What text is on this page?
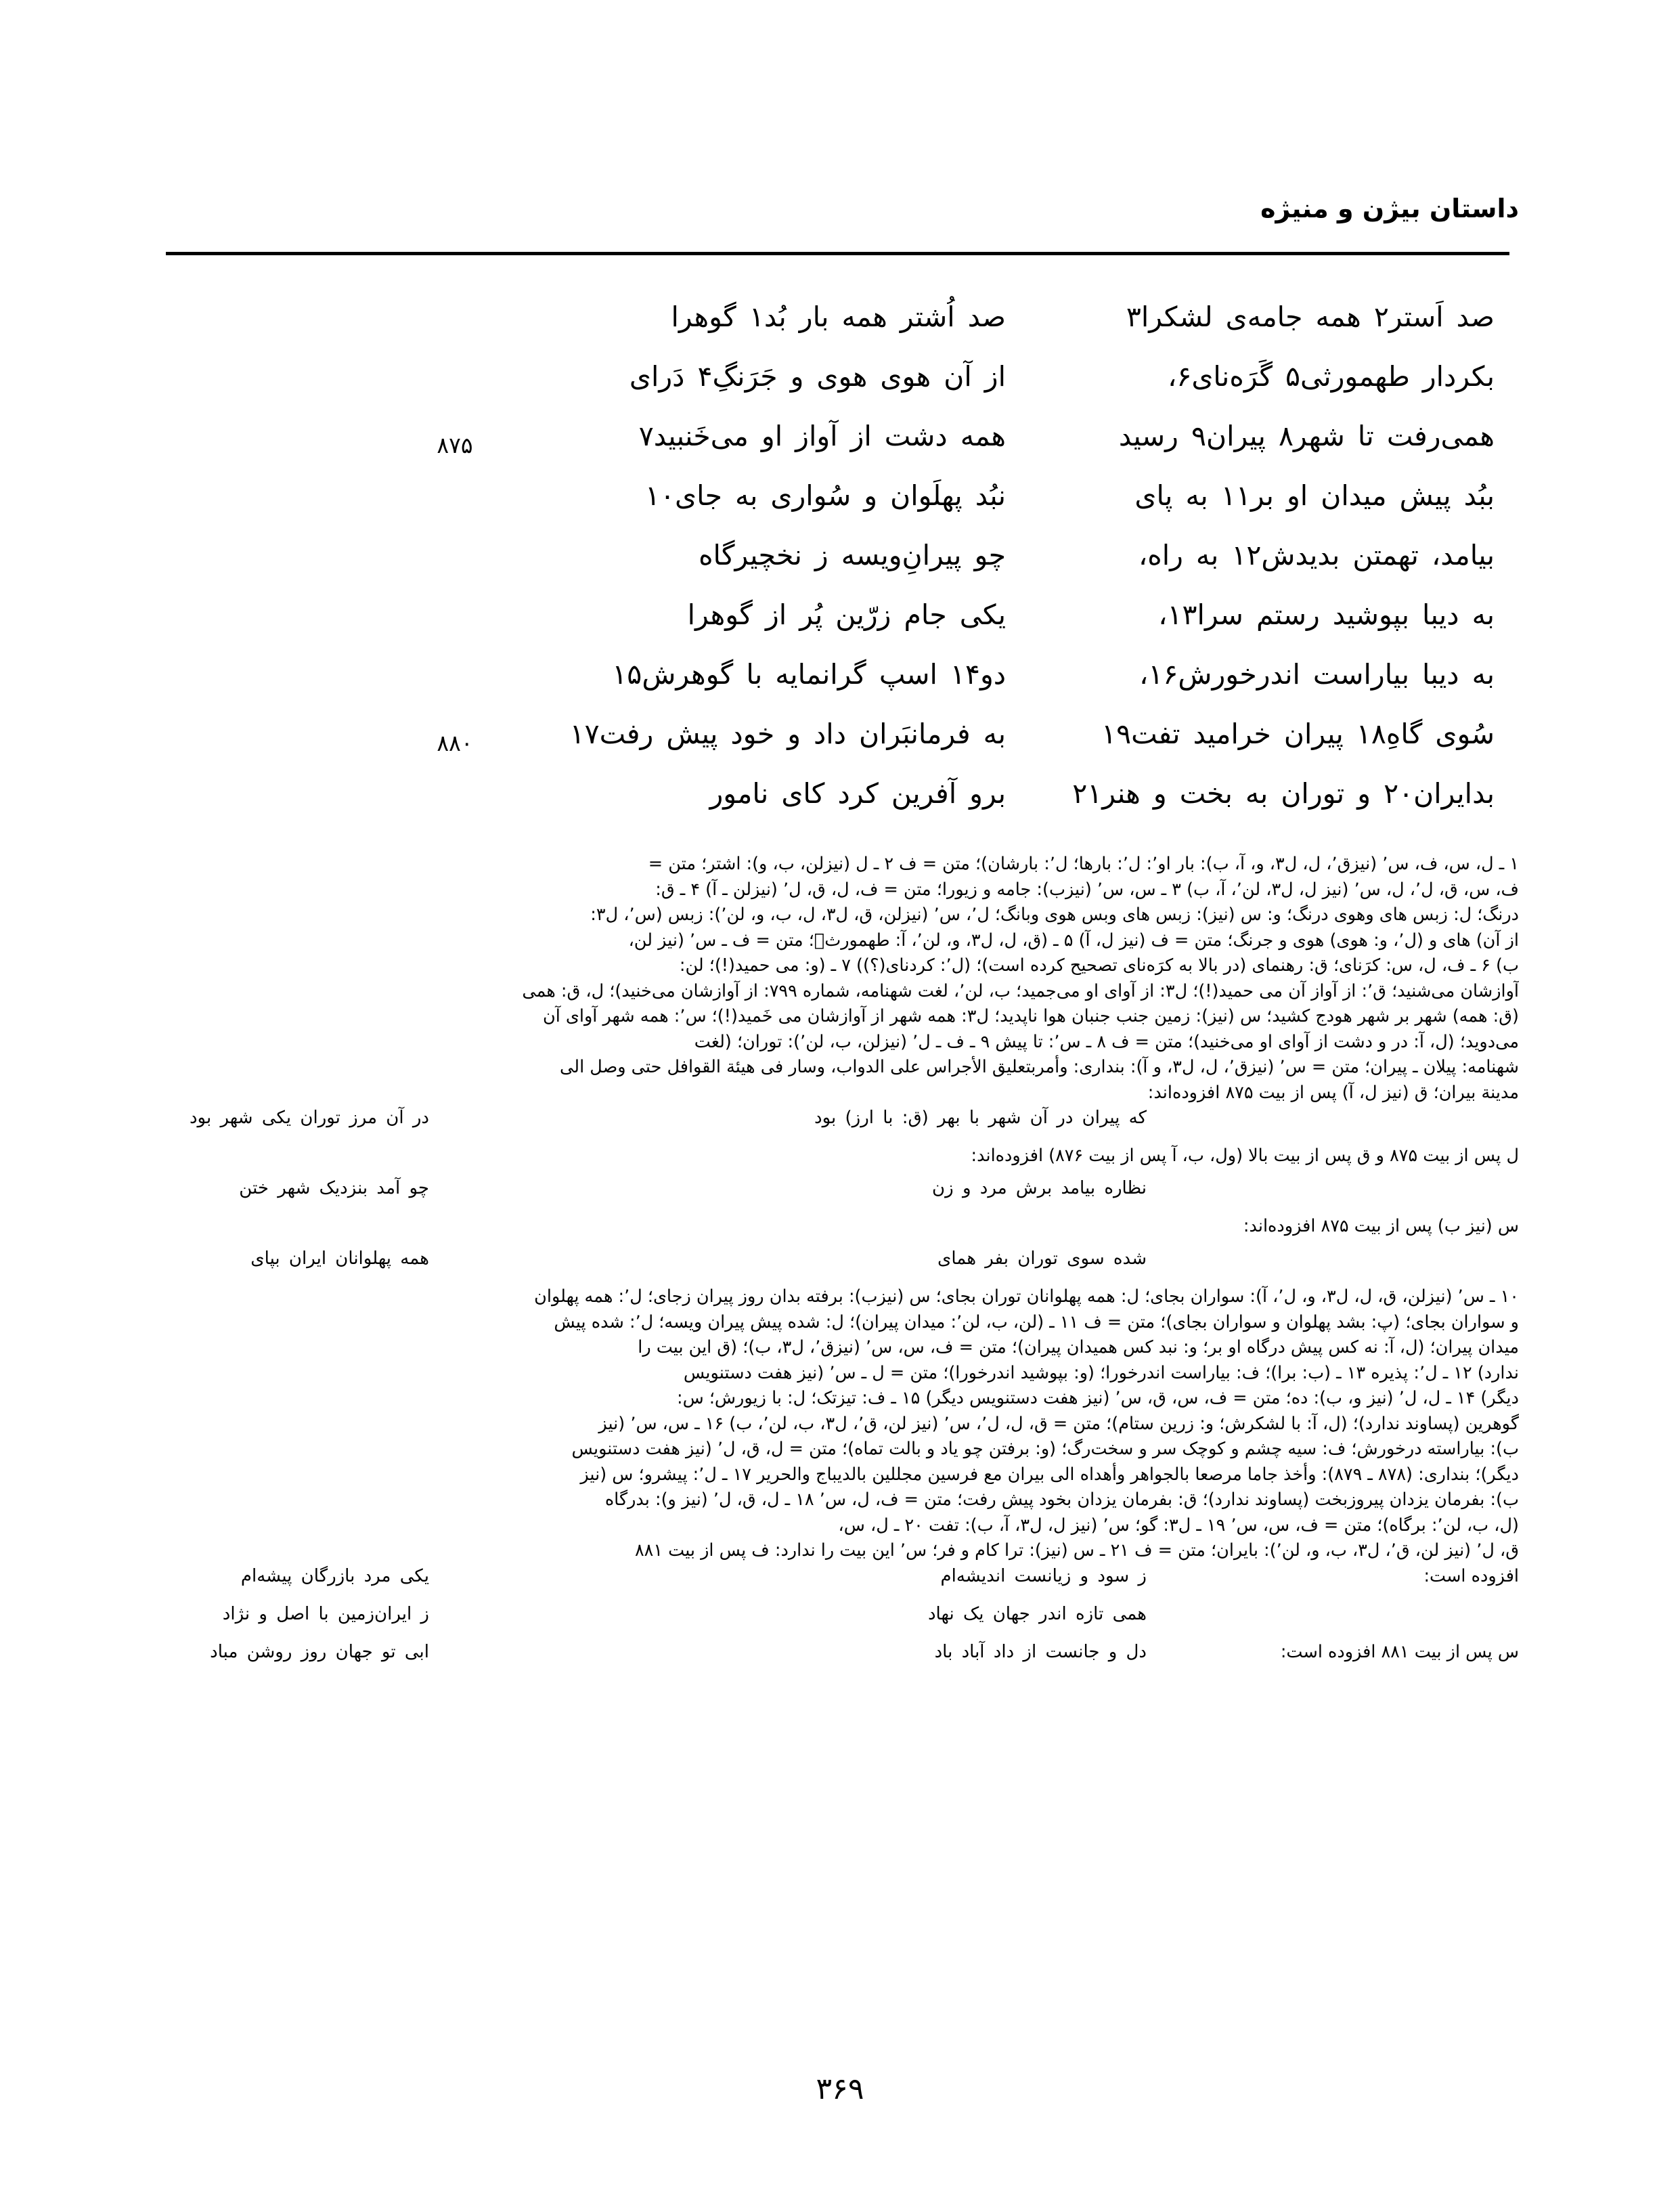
داستان بیژن و منیژه
صد اَستر۲ همه جامه‌ی لشکرا۳
صد اُشتر همه بار بُد۱ گوهرا
بکردار طهمورثی۵ گَرَه‌نای۶،
از آن هوی هوی و جَرَنگِ۴ دَرای
همی‌رفت تا شهر۸ پیران۹ رسید
همه دشت از آواز او می‌خَنبید۷
۸۷۵
ببُد پیش میدان او بر۱۱ به پای
نبُد پهلَوان و سُواری به جای۱۰
بیامد، تهمتن بدیدش۱۲ به راه،
چو پیرانِ‌ویسه ز نخچیرگاه
به دیبا بپوشید رستم سرا۱۳،
یکی جام زرّین پُر از گوهرا
به دیبا بیاراست اندرخورش۱۶،
دو۱۴ اسپ گرانمایه با گوهرش۱۵
سُوی گاهِ۱۸ پیران خرامید تفت۱۹
به فرمانبَران داد و خود پیش رفت۱۷
۸۸۰
بدایران۲۰ و توران به بخت و هنر۲۱
برو آفرین کرد کای نامور
۱ ـ ل، س، ف، س٬ (نیزق٬، ل، ل۳، و، آ، ب): بار او٬: ل٬: بارها؛ ل٬: بارشان)؛ متن = ف ۲ ـ ل (نیزلن، ب، و): اشتر؛ متن =
ف، س، ق، ل٬، ل، س٬ (نیز ل، ل۳، لن٬، آ، ب) ۳ ـ س، س٬ (نیزب): جامه و زیورا؛ متن = ف، ل، ق، ل٬ (نیزلن ـ آ) ۴ ـ ق:
درنگ؛ ل: زبس های وهوی درنگ؛ و: س (نیز): زبس های وبس هوی وبانگ؛ ل٬، س٬ (نیزلن، ق، ل۳، ل، ب، و، لن٬): زبس (س٬، ل۳:
از آن) های و (ل٬، و: هوی) هوی و جرنگ؛ متن = ف (نیز ل، آ) ۵ ـ (ق، ل، ل۳، و، لن٬، آ: طهمورثٖ؛ متن = ف ـ س٬ (نیز لن،
ب) ۶ ـ ف، ل، س: کرَنای؛ ق: رهنمای (در بالا به کرَه‌نای تصحیح کرده است)؛ (ل٬: کردنای(؟)) ۷ ـ (و: می حمید(!)؛ لن:
آوازشان می‌شنید؛ ق٬: از آواز آن می حمید(!)؛ ل۳: از آوای او می‌جمید؛ ب، لن٬، لغت شهنامه، شماره ۷۹۹: از آوازشان می‌خنید)؛ ل، ق: همی
(ق: همه) شهر بر شهر هودج کشید؛ س (نیز): زمین جنب جنبان هوا ناپدید؛ ل۳: همه شهر از آوازشان می خَمید(!)؛ س٬: همه شهر آوای آن
می‌دوید؛ (ل، آ: در و دشت از آوای او می‌خنید)؛ متن = ف ۸ ـ س٬: تا پیش ۹ ـ ف ـ ل٬ (نیزلن، ب، لن٬): توران؛ (لغت
شهنامه: پیلان ـ پیران؛ متن = س٬ (نیزق٬، ل، ل۳، و آ): بنداری: وأمربتعلیق الأجراس علی الدواب، وسار فی هیئة القوافل حتی وصل الی
مدینة بیران؛ ق (نیز ل، آ) پس از بیت ۸۷۵ افزوده‌اند:
که پیران در آن شهر با بهر (ق: با ارز) بود
در آن مرز توران یکی شهر بود
ل پس از بیت ۸۷۵ و ق پس از بیت بالا (ول، ب، آ پس از بیت ۸۷۶) افزوده‌اند:
نظاره بیامد برش مرد و زن
چو آمد بنزدیک شهر ختن
س (نیز ب) پس از بیت ۸۷۵ افزوده‌اند:
شده سوی توران بفر همای
همه پهلوانان ایران بپای
۱۰ ـ س٬ (نیزلن، ق، ل، ل۳، و، ل٬، آ): سواران بجای؛ ل: همه پهلوانان توران بجای؛ س (نیزب): برفته بدان روز پیران زجای؛ ل٬: همه پهلوان
و سواران بجای؛ (پ: بشد پهلوان و سواران بجای)؛ متن = ف ۱۱ ـ (لن، ب، لن٬: میدان پیران)؛ ل: شده پیش پیران ویسه؛ ل٬: شده پیش
میدان پیران؛ (ل، آ: نه کس پیش درگاه او بر؛ و: نبد کس همیدان پیران)؛ متن = ف، س، س٬ (نیزق٬، ل۳، ب)؛ (ق این بیت را
ندارد) ۱۲ ـ ل٬: پذیره ۱۳ ـ (ب: برا)؛ ف: بیاراست اندرخورا؛ (و: بپوشید اندرخورا)؛ متن = ل ـ س٬ (نیز هفت دستنویس
دیگر) ۱۴ ـ ل، ل٬ (نیز و، ب): ده؛ متن = ف، س، ق، س٬ (نیز هفت دستنویس دیگر) ۱۵ ـ ف: تیزتک؛ ل: با زیورش؛ س:
گوهرین (پساوند ندارد)؛ (ل، آ: با لشکرش؛ و: زرین ستام)؛ متن = ق، ل، ل٬، س٬ (نیز لن، ق٬، ل۳، ب، لن٬، ب) ۱۶ ـ س، س٬ (نیز
ب): بیاراسته درخورش؛ ف: سیه چشم و کوچک سر و سخت‌رگ؛ (و: برفتن چو یاد و بالت تماه)؛ متن = ل، ق، ل٬ (نیز هفت دستنویس
دیگر)؛ بنداری: (۸۷۸ ـ ۸۷۹): وأخذ جاما مرصعا بالجواهر وأهداه الی بیران مع فرسین مجللین بالدیباج والحریر ۱۷ ـ ل٬: پیشرو؛ س (نیز
ب): بفرمان یزدان پیروزبخت (پساوند ندارد)؛ ق: بفرمان یزدان بخود پیش رفت؛ متن = ف، ل، س٬ ۱۸ ـ ل، ق، ل٬ (نیز و): بدرگاه
(ل، ب، لن٬: برگاه)؛ متن = ف، س، س٬ ۱۹ ـ ل۳: گو؛ س٬ (نیز ل، ل۳، آ، ب): تفت ۲۰ ـ ل، س،
ق، ل٬ (نیز لن، ق٬، ل۳، ب، و، لن٬): بایران؛ متن = ف ۲۱ ـ س (نیز): ترا کام و فر؛ س٬ این بیت را ندارد: ف پس از بیت ۸۸۱
افزوده است:
ز سود و زیانست اندیشه‌ام
یکی مرد بازرگان پیشه‌ام
همی تازه اندر جهان یک نهاد
ز ایران‌زمین با اصل و نژاد
س پس از بیت ۸۸۱ افزوده است:
دل و جانست از داد آباد باد
ابی تو جهان روز روشن مباد
۳۶۹
